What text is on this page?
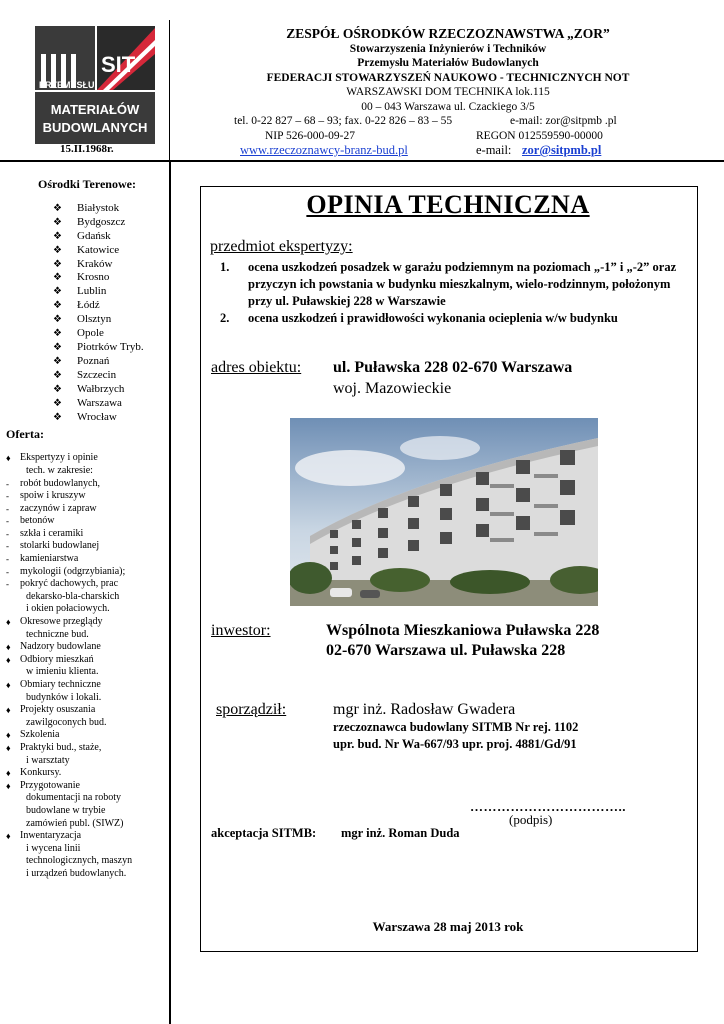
SIT
PRZEMYSŁU
MATERIAŁÓW
BUDOWLANYCH
15.II.1968r.
ZESPÓŁ OŚRODKÓW RZECZOZNAWSTWA „ZOR”
Stowarzyszenia Inżynierów i Techników
Przemysłu Materiałów Budowlanych
FEDERACJI STOWARZYSZEŃ NAUKOWO - TECHNICZNYCH NOT
WARSZAWSKI DOM TECHNIKA lok.115
00 – 043 Warszawa ul. Czackiego 3/5
tel. 0-22 827 – 68 – 93; fax. 0-22 826 – 83 – 55	e-mail: zor@sitpmb .pl
NIP 526-000-09-27	REGON 012559590-00000
www.rzeczoznawcy-branz-bud.pl	e-mail: zor@sitpmb.pl
Ośrodki Terenowe:
❖ Białystok
❖ Bydgoszcz
❖ Gdańsk
❖ Katowice
❖ Kraków
❖ Krosno
❖ Lublin
❖ Łódź
❖ Olsztyn
❖ Opole
❖ Piotrków Tryb.
❖ Poznań
❖ Szczecin
❖ Wałbrzych
❖ Warszawa
❖ Wrocław
Oferta:
♦ Ekspertyzy i opinie
tech. w zakresie:
- robót budowlanych,
- spoiw i kruszyw
- zaczynów i zapraw
- betonów
- szkła i ceramiki
- stolarki budowlanej
- kamieniarstwa
- mykologii (odgrzybiania);
- pokryć dachowych, prac
dekarsko-bla-charskich
i okien połaciowych.
♦ Okresowe przeglądy
techniczne bud.
♦ Nadzory budowlane
♦ Odbiory mieszkań
w imieniu klienta.
♦ Obmiary techniczne
budynków i lokali.
♦ Projekty osuszania
zawilgoconych bud.
♦ Szkolenia
♦ Praktyki bud., staże,
i warsztaty
♦ Konkursy.
♦ Przygotowanie
dokumentacji na roboty
budowlane w trybie
zamówień publ. (SIWZ)
♦ Inwentaryzacja
i wycena linii
technologicznych, maszyn
i urządzeń budowlanych.
OPINIA TECHNICZNA
przedmiot ekspertyzy:
1. ocena uszkodzeń posadzek w garażu podziemnym na poziomach „-1” i „-2” oraz przyczyn ich powstania w budynku mieszkalnym, wielo-rodzinnym, położonym przy ul. Puławskiej 228 w Warszawie
2. ocena uszkodzeń i prawidłowości wykonania ocieplenia w/w budynku
adres obiektu: ul. Puławska 228 02-670 Warszawa
woj. Mazowieckie
inwestor:	Wspólnota Mieszkaniowa Puławska 228
02-670 Warszawa ul. Puławska 228
sporządził:	mgr inż. Radosław Gwadera
rzeczoznawca budowlany SITMB Nr rej. 1102
upr. bud. Nr Wa-667/93 upr. proj. 4881/Gd/91
……………………………..
(podpis)
akceptacja SITMB: mgr inż. Roman Duda
Warszawa 28 maj 2013 rok
